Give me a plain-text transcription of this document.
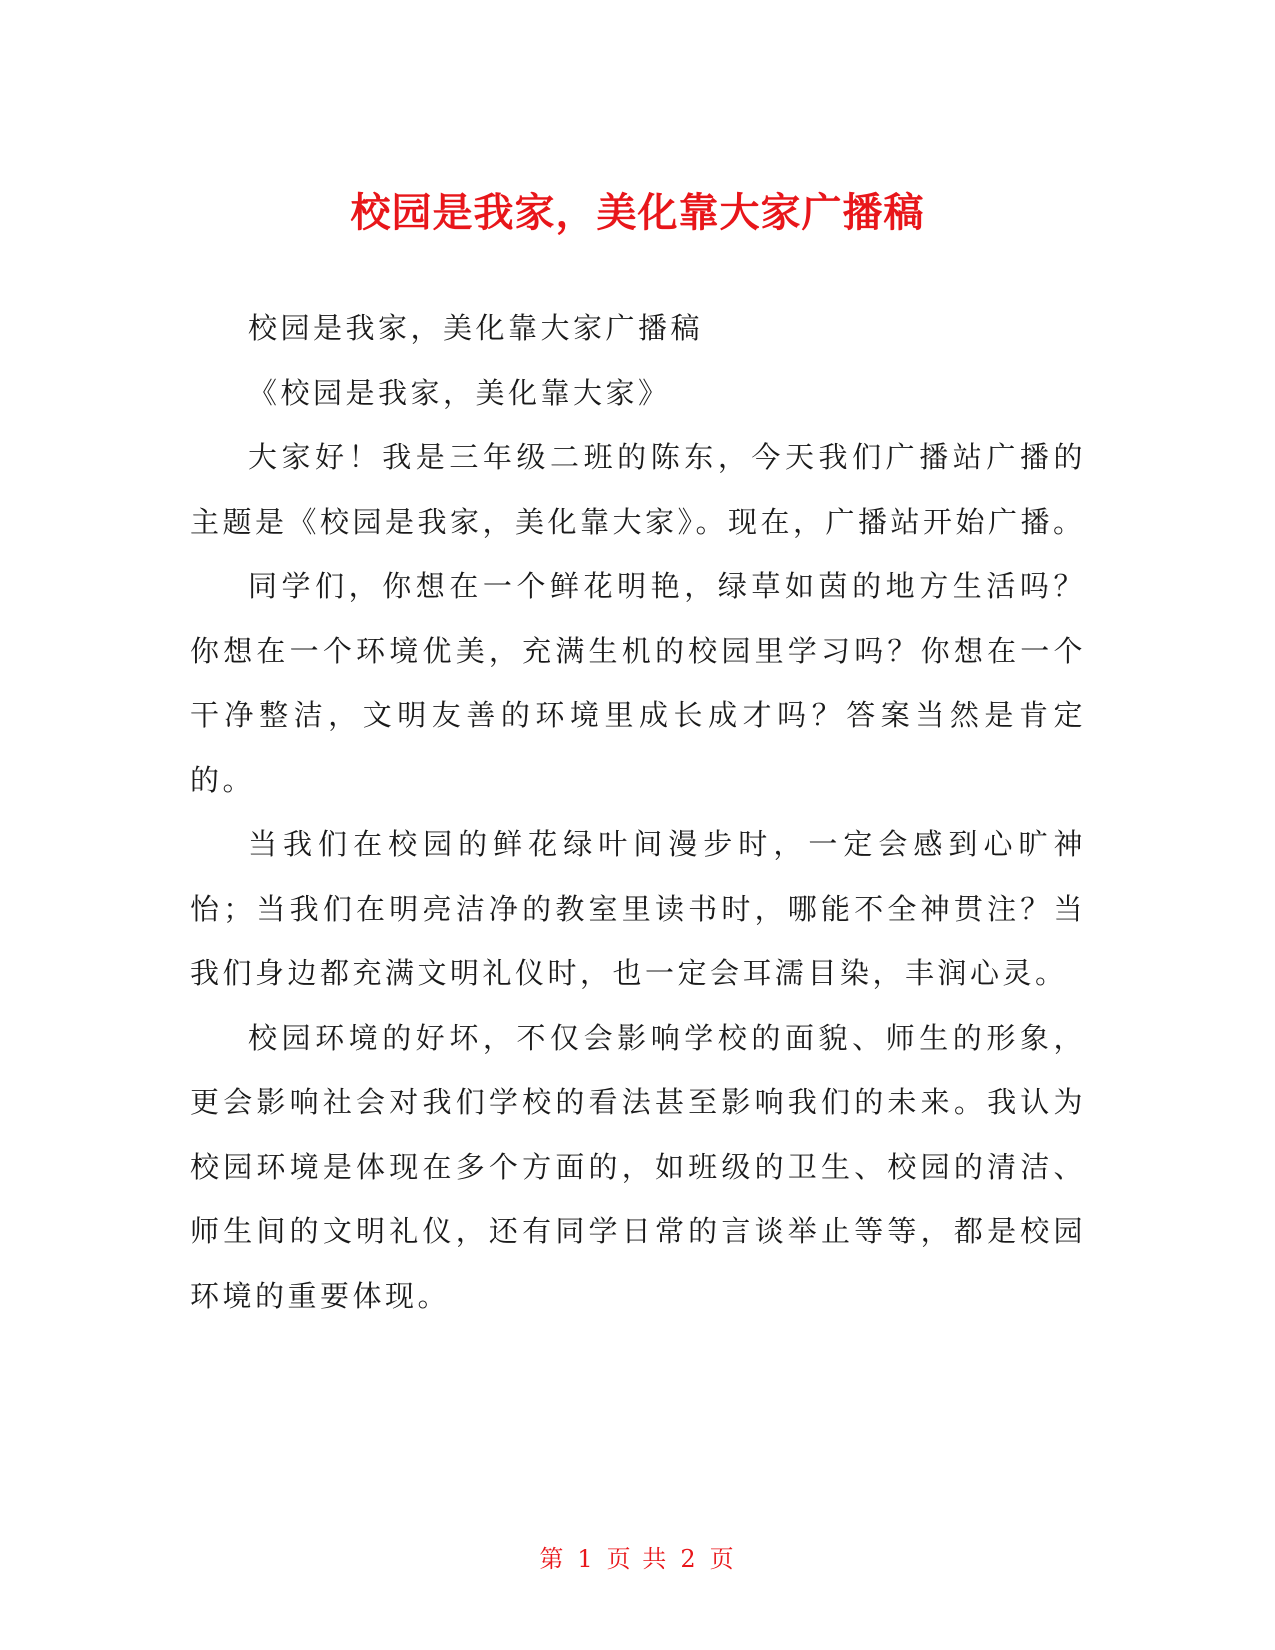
校园是我家，美化靠大家广播稿

校园是我家，美化靠大家广播稿

《校园是我家，美化靠大家》

大家好！我是三年级二班的陈东，今天我们广播站广播的主题是《校园是我家，美化靠大家》。现在，广播站开始广播。

同学们，你想在一个鲜花明艳，绿草如茵的地方生活吗？你想在一个环境优美，充满生机的校园里学习吗？你想在一个干净整洁，文明友善的环境里成长成才吗？答案当然是肯定的。

当我们在校园的鲜花绿叶间漫步时，一定会感到心旷神怡；当我们在明亮洁净的教室里读书时，哪能不全神贯注？当我们身边都充满文明礼仪时，也一定会耳濡目染，丰润心灵。

校园环境的好坏，不仅会影响学校的面貌、师生的形象，更会影响社会对我们学校的看法甚至影响我们的未来。我认为校园环境是体现在多个方面的，如班级的卫生、校园的清洁、师生间的文明礼仪，还有同学日常的言谈举止等等，都是校园环境的重要体现。

第 1 页 共 2 页
